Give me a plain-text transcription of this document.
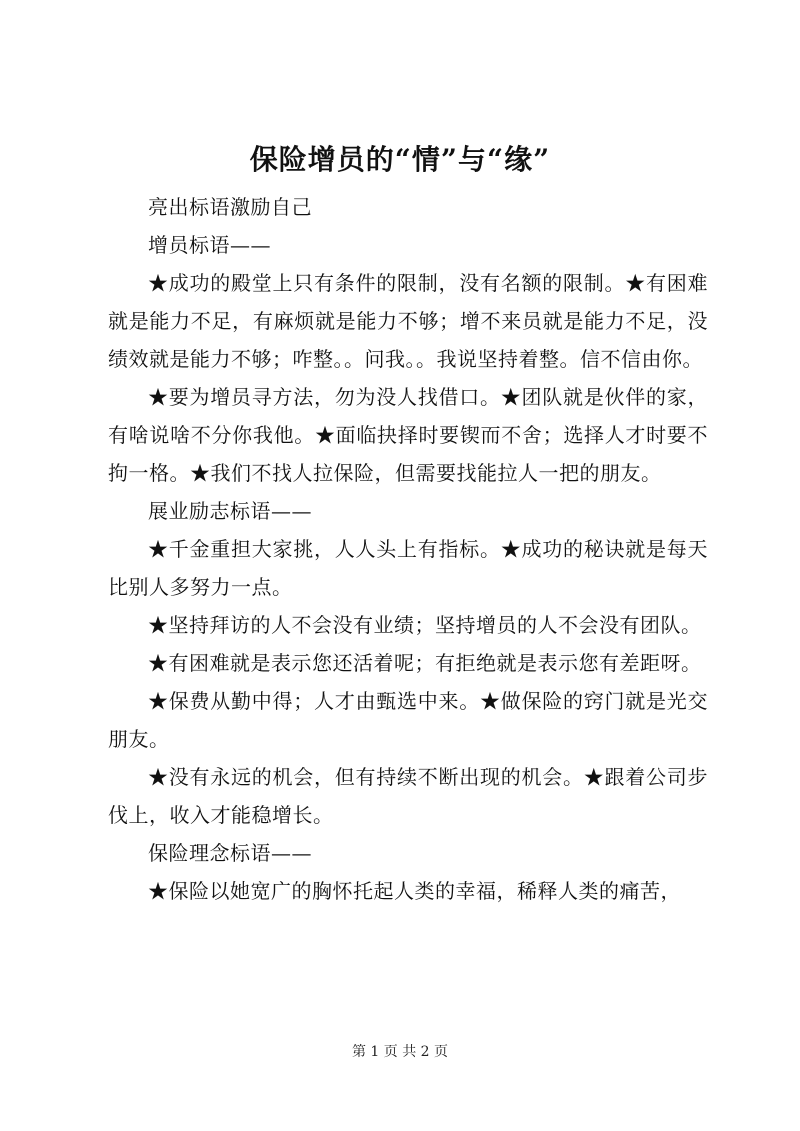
保险增员的“情”与“缘”

亮出标语激励自己

增员标语——

★成功的殿堂上只有条件的限制，没有名额的限制。★有困难就是能力不足，有麻烦就是能力不够；增不来员就是能力不足，没绩效就是能力不够；咋整。。问我。。我说坚持着整。信不信由你。

★要为增员寻方法，勿为没人找借口。★团队就是伙伴的家，有啥说啥不分你我他。★面临抉择时要锲而不舍；选择人才时要不拘一格。★我们不找人拉保险，但需要找能拉人一把的朋友。

展业励志标语——

★千金重担大家挑，人人头上有指标。★成功的秘诀就是每天比别人多努力一点。

★坚持拜访的人不会没有业绩；坚持增员的人不会没有团队。

★有困难就是表示您还活着呢；有拒绝就是表示您有差距呀。

★保费从勤中得；人才由甄选中来。★做保险的窍门就是光交朋友。

★没有永远的机会，但有持续不断出现的机会。★跟着公司步伐上，收入才能稳增长。

保险理念标语——

★保险以她宽广的胸怀托起人类的幸福，稀释人类的痛苦，

第 1 页 共 2 页
